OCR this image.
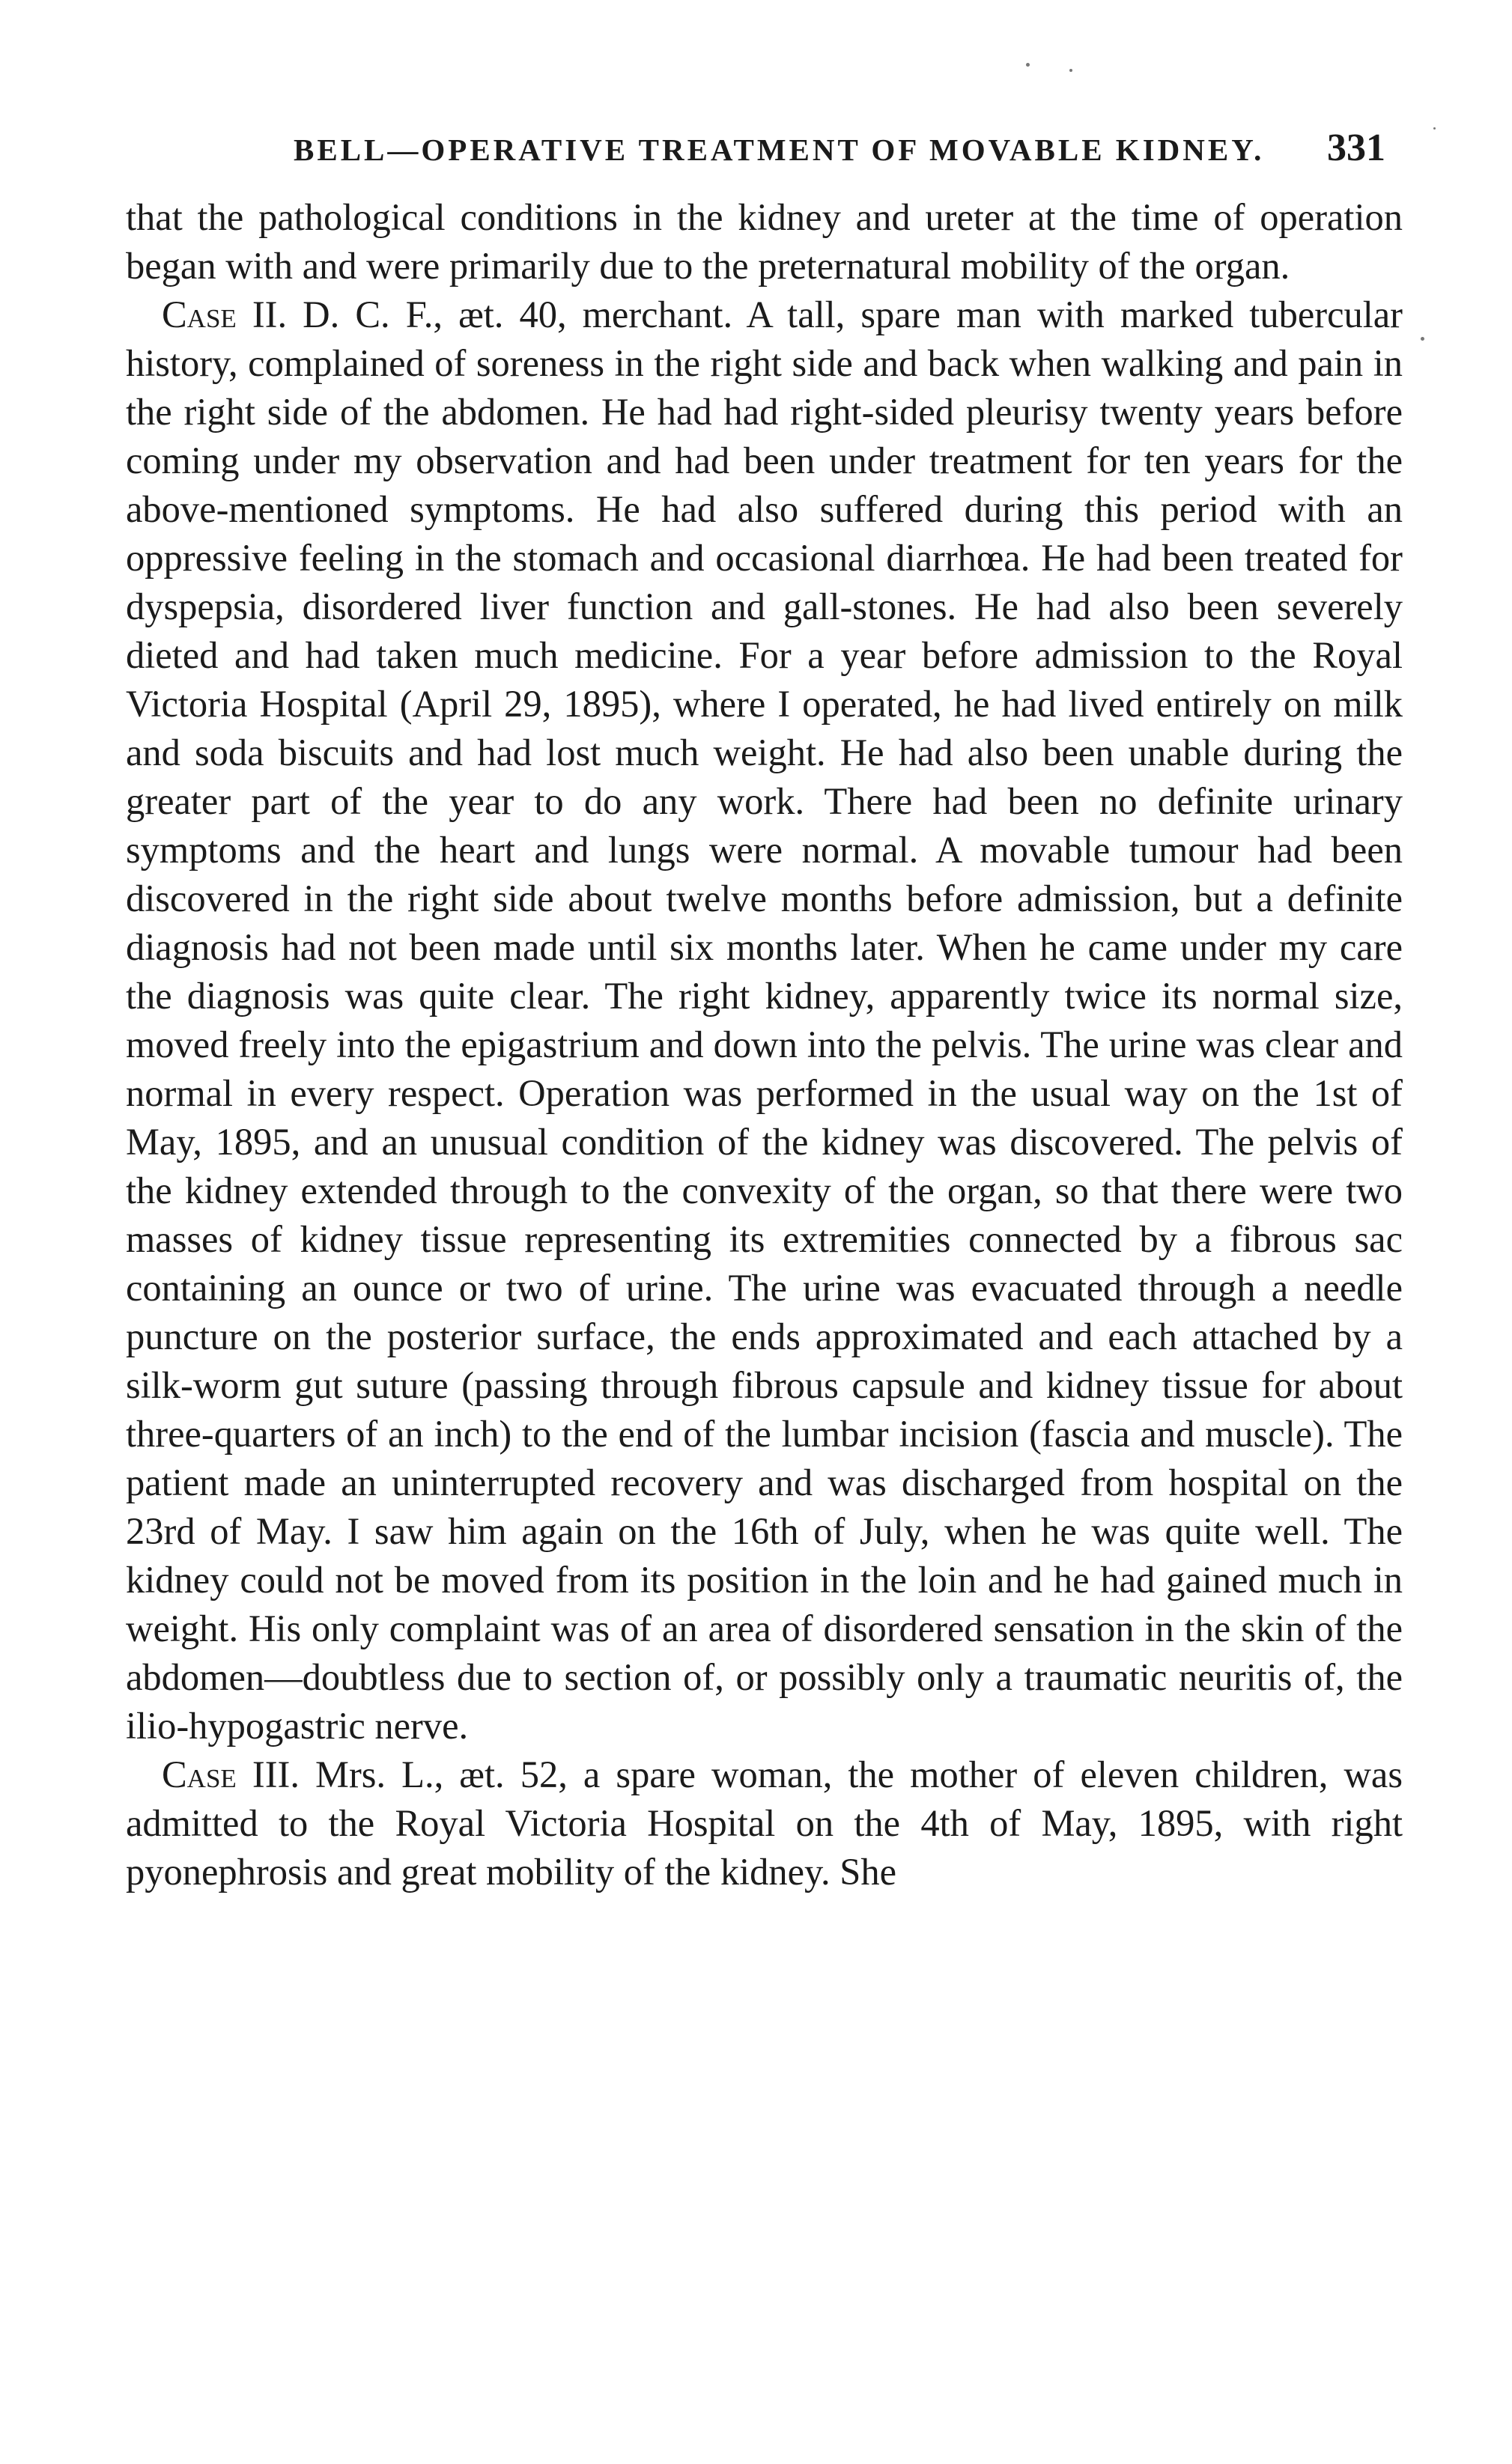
BELL—OPERATIVE TREATMENT OF MOVABLE KIDNEY. 331

that the pathological conditions in the kidney and ureter at the time of operation began with and were primarily due to the preternatural mobility of the organ.

Case II. D. C. F., æt. 40, merchant. A tall, spare man with marked tubercular history, complained of soreness in the right side and back when walking and pain in the right side of the abdomen. He had had right-sided pleurisy twenty years before coming under my observation and had been under treatment for ten years for the above-mentioned symptoms. He had also suffered during this period with an oppressive feeling in the stomach and occasional diarrhœa. He had been treated for dyspepsia, disordered liver function and gall-stones. He had also been severely dieted and had taken much medicine. For a year before admission to the Royal Victoria Hospital (April 29, 1895), where I operated, he had lived entirely on milk and soda biscuits and had lost much weight. He had also been unable during the greater part of the year to do any work. There had been no definite urinary symptoms and the heart and lungs were normal. A movable tumour had been discovered in the right side about twelve months before admission, but a definite diagnosis had not been made until six months later. When he came under my care the diagnosis was quite clear. The right kidney, apparently twice its normal size, moved freely into the epigastrium and down into the pelvis. The urine was clear and normal in every respect. Operation was performed in the usual way on the 1st of May, 1895, and an unusual condition of the kidney was discovered. The pelvis of the kidney extended through to the convexity of the organ, so that there were two masses of kidney tissue representing its extremities connected by a fibrous sac containing an ounce or two of urine. The urine was evacuated through a needle puncture on the posterior surface, the ends approximated and each attached by a silk-worm gut suture (passing through fibrous capsule and kidney tissue for about three-quarters of an inch) to the end of the lumbar incision (fascia and muscle). The patient made an uninterrupted recovery and was discharged from hospital on the 23rd of May. I saw him again on the 16th of July, when he was quite well. The kidney could not be moved from its position in the loin and he had gained much in weight. His only complaint was of an area of disordered sensation in the skin of the abdomen—doubtless due to section of, or possibly only a traumatic neuritis of, the ilio-hypogastric nerve.

Case III. Mrs. L., æt. 52, a spare woman, the mother of eleven children, was admitted to the Royal Victoria Hospital on the 4th of May, 1895, with right pyonephrosis and great mobility of the kidney. She
